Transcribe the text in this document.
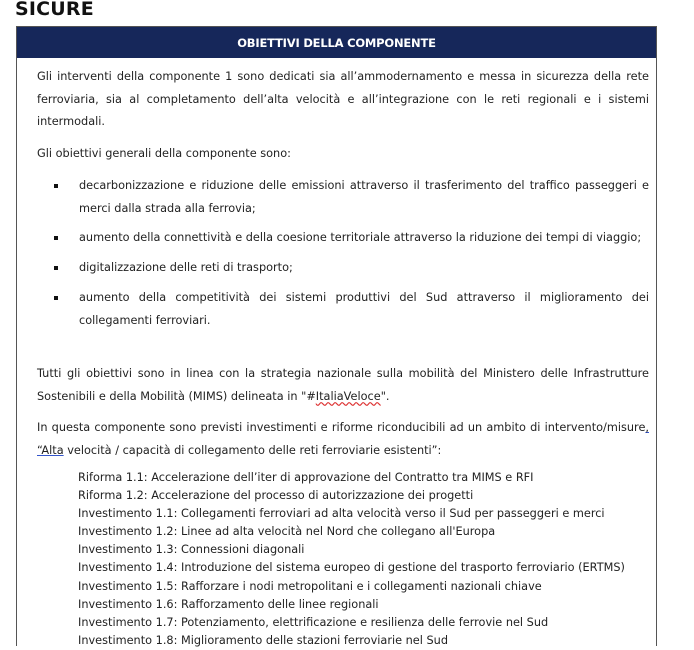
SICURE
OBIETTIVI DELLA COMPONENTE

Gli interventi della componente 1 sono dedicati sia all’ammodernamento e messa in sicurezza della rete ferroviaria, sia al completamento dell’alta velocità e all’integrazione con le reti regionali e i sistemi intermodali.

Gli obiettivi generali della componente sono:

decarbonizzazione e riduzione delle emissioni attraverso il trasferimento del traffico passeggeri e merci dalla strada alla ferrovia;
aumento della connettività e della coesione territoriale attraverso la riduzione dei tempi di viaggio;
digitalizzazione delle reti di trasporto;
aumento della competitività dei sistemi produttivi del Sud attraverso il miglioramento dei collegamenti ferroviari.

Tutti gli obiettivi sono in linea con la strategia nazionale sulla mobilità del Ministero delle Infrastrutture Sostenibili e della Mobilità (MIMS) delineata in "#ItaliaVeloce".

In questa componente sono previsti investimenti e riforme riconducibili ad un ambito di intervento/misure, “Alta velocità / capacità di collegamento delle reti ferroviarie esistenti”:

Riforma 1.1: Accelerazione dell’iter di approvazione del Contratto tra MIMS e RFI
Riforma 1.2: Accelerazione del processo di autorizzazione dei progetti
Investimento 1.1: Collegamenti ferroviari ad alta velocità verso il Sud per passeggeri e merci
Investimento 1.2: Linee ad alta velocità nel Nord che collegano all'Europa
Investimento 1.3: Connessioni diagonali
Investimento 1.4: Introduzione del sistema europeo di gestione del trasporto ferroviario (ERTMS)
Investimento 1.5: Rafforzare i nodi metropolitani e i collegamenti nazionali chiave
Investimento 1.6: Rafforzamento delle linee regionali
Investimento 1.7: Potenziamento, elettrificazione e resilienza delle ferrovie nel Sud
Investimento 1.8: Miglioramento delle stazioni ferroviarie nel Sud
